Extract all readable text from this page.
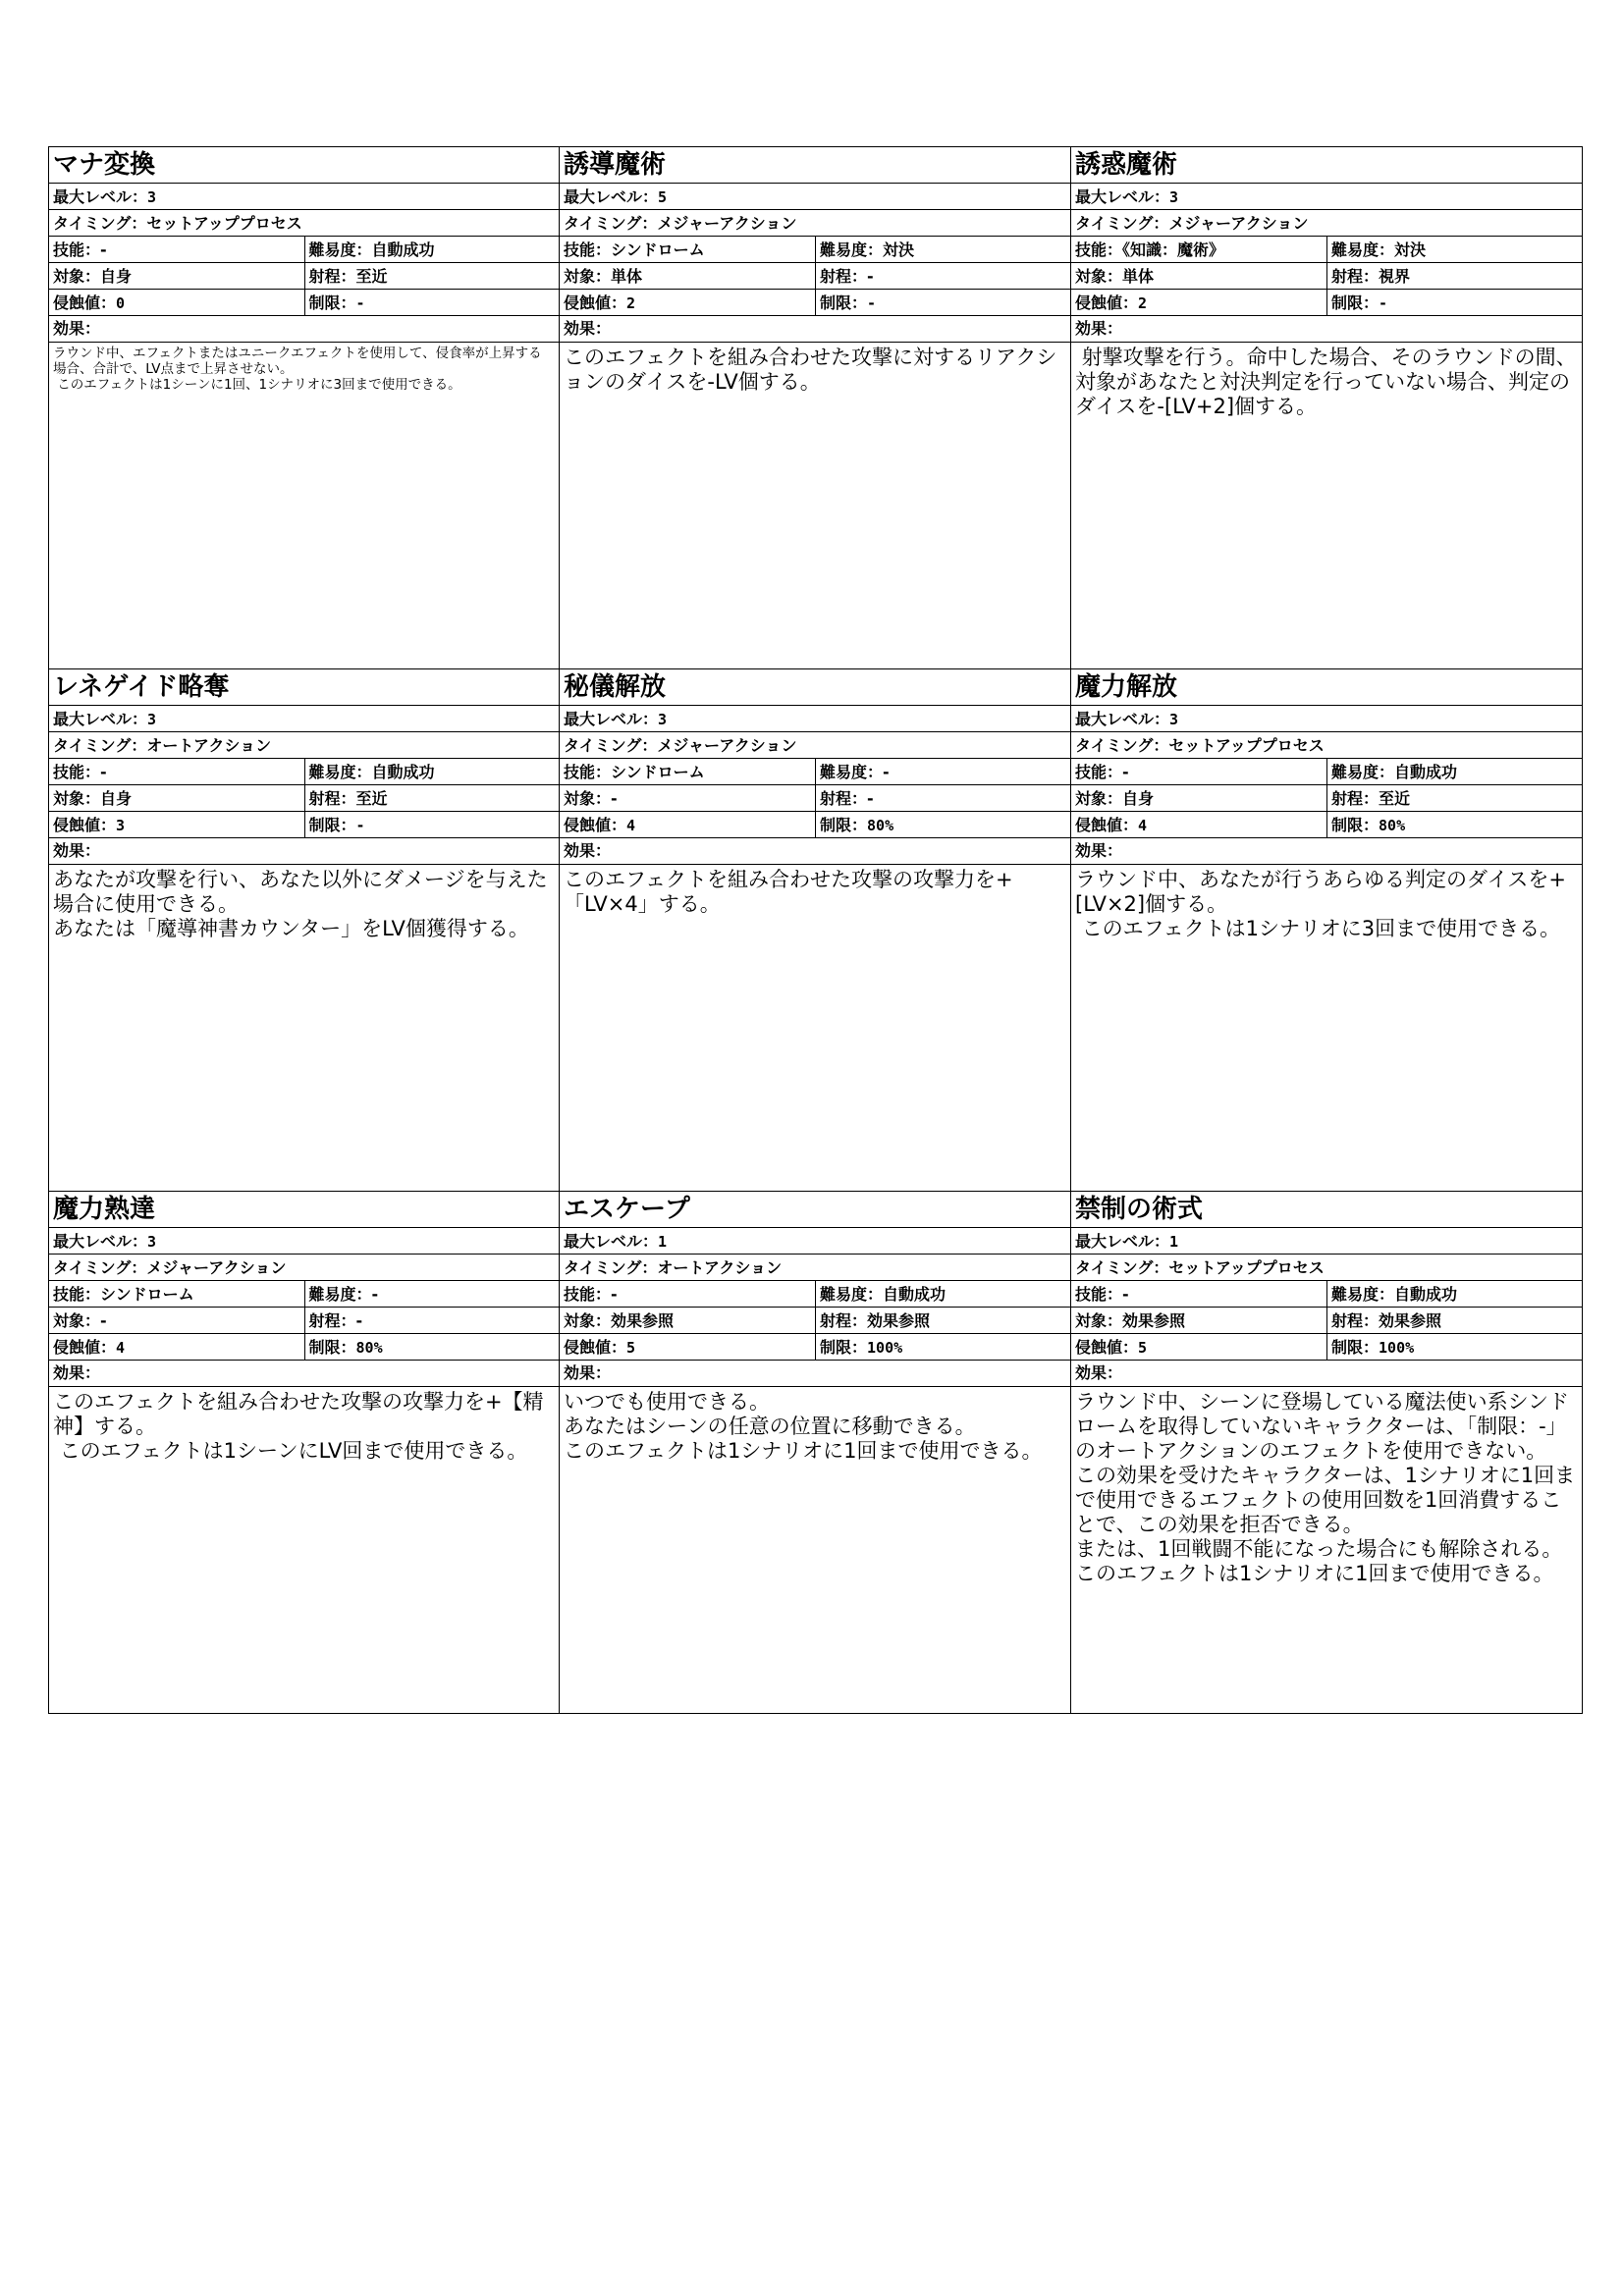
マナ変換
最大レベル：3
タイミング：セットアッププロセス
技能：-	難易度：自動成功
対象：自身	射程：至近
侵蝕値：0	制限：-
効果：
ラウンド中、エフェクトまたはユニークエフェクトを使用して、侵食率が上昇する場合、合計で、LV点まで上昇させない。
このエフェクトは1シーンに1回、1シナリオに3回まで使用できる。
誘導魔術
最大レベル：5
タイミング：メジャーアクション
技能：シンドローム	難易度：対決
対象：単体	射程：-
侵蝕値：2	制限：-
効果：
このエフェクトを組み合わせた攻撃に対するリアクションのダイスを-LV個する。
誘惑魔術
最大レベル：3
タイミング：メジャーアクション
技能：《知識：魔術》	難易度：対決
対象：単体	射程：視界
侵蝕値：2	制限：-
効果：
射撃攻撃を行う。命中した場合、そのラウンドの間、対象があなたと対決判定を行っていない場合、判定のダイスを-[LV+2]個する。
レネゲイド略奪
最大レベル：3
タイミング：オートアクション
技能：-	難易度：自動成功
対象：自身	射程：至近
侵蝕値：3	制限：-
効果：
あなたが攻撃を行い、あなた以外にダメージを与えた場合に使用できる。
あなたは「魔導神書カウンター」をLV個獲得する。
秘儀解放
最大レベル：3
タイミング：メジャーアクション
技能：シンドローム	難易度：-
対象：-	射程：-
侵蝕値：4	制限：80%
効果：
このエフェクトを組み合わせた攻撃の攻撃力を+「LV×4」する。
魔力解放
最大レベル：3
タイミング：セットアッププロセス
技能：-	難易度：自動成功
対象：自身	射程：至近
侵蝕値：4	制限：80%
効果：
ラウンド中、あなたが行うあらゆる判定のダイスを+[LV×2]個する。
このエフェクトは1シナリオに3回まで使用できる。
魔力熟達
最大レベル：3
タイミング：メジャーアクション
技能：シンドローム	難易度：-
対象：-	射程：-
侵蝕値：4	制限：80%
効果：
このエフェクトを組み合わせた攻撃の攻撃力を+【精神】する。
このエフェクトは1シーンにLV回まで使用できる。
エスケープ
最大レベル：1
タイミング：オートアクション
技能：-	難易度：自動成功
対象：効果参照	射程：効果参照
侵蝕値：5	制限：100%
効果：
いつでも使用できる。
あなたはシーンの任意の位置に移動できる。
このエフェクトは1シナリオに1回まで使用できる。
禁制の術式
最大レベル：1
タイミング：セットアッププロセス
技能：-	難易度：自動成功
対象：効果参照	射程：効果参照
侵蝕値：5	制限：100%
効果：
ラウンド中、シーンに登場している魔法使い系シンドロームを取得していないキャラクターは、「制限：-」のオートアクションのエフェクトを使用できない。
この効果を受けたキャラクターは、1シナリオに1回まで使用できるエフェクトの使用回数を1回消費することで、この効果を拒否できる。
または、1回戦闘不能になった場合にも解除される。
このエフェクトは1シナリオに1回まで使用できる。
